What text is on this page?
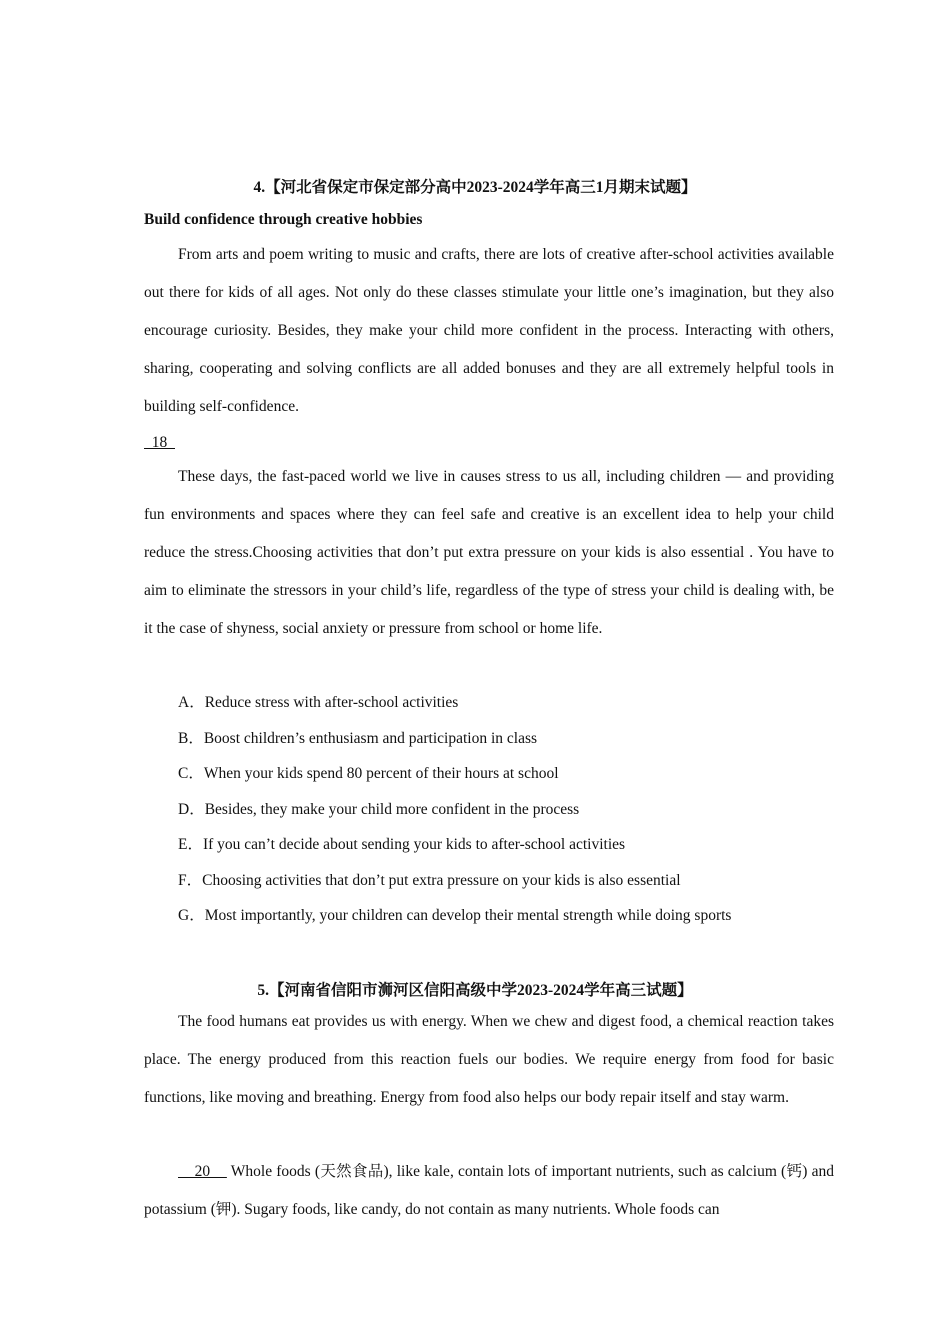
4.【河北省保定市保定部分高中2023-2024学年高三1月期末试题】
Build confidence through creative hobbies

From arts and poem writing to music and crafts, there are lots of creative after-school activities available out there for kids of all ages. Not only do these classes stimulate your little one’s imagination, but they also encourage curiosity. Besides, they make your child more confident in the process. Interacting with others, sharing, cooperating and solving conflicts are all added bonuses and they are all extremely helpful tools in building self-confidence.

18

These days, the fast-paced world we live in causes stress to us all, including children — and providing fun environments and spaces where they can feel safe and creative is an excellent idea to help your child reduce the stress.Choosing activities that don’t put extra pressure on your kids is also essential . You have to aim to eliminate the stressors in your child’s life, regardless of the type of stress your child is dealing with, be it the case of shyness, social anxiety or pressure from school or home life.

A．Reduce stress with after-school activities
B．Boost children’s enthusiasm and participation in class
C．When your kids spend 80 percent of their hours at school
D．Besides, they make your child more confident in the process
E．If you can’t decide about sending your kids to after-school activities
F．Choosing activities that don’t put extra pressure on your kids is also essential
G．Most importantly, your children can develop their mental strength while doing sports
5.【河南省信阳市浉河区信阳高级中学2023-2024学年高三试题】

The food humans eat provides us with energy. When we chew and digest food, a chemical reaction takes place. The energy produced from this reaction fuels our bodies. We require energy from food for basic functions, like moving and breathing. Energy from food also helps our body repair itself and stay warm.

20     Whole foods (天然食品), like kale, contain lots of important nutrients, such as calcium (钙) and potassium (钾). Sugary foods, like candy, do not contain as many nutrients. Whole foods can
